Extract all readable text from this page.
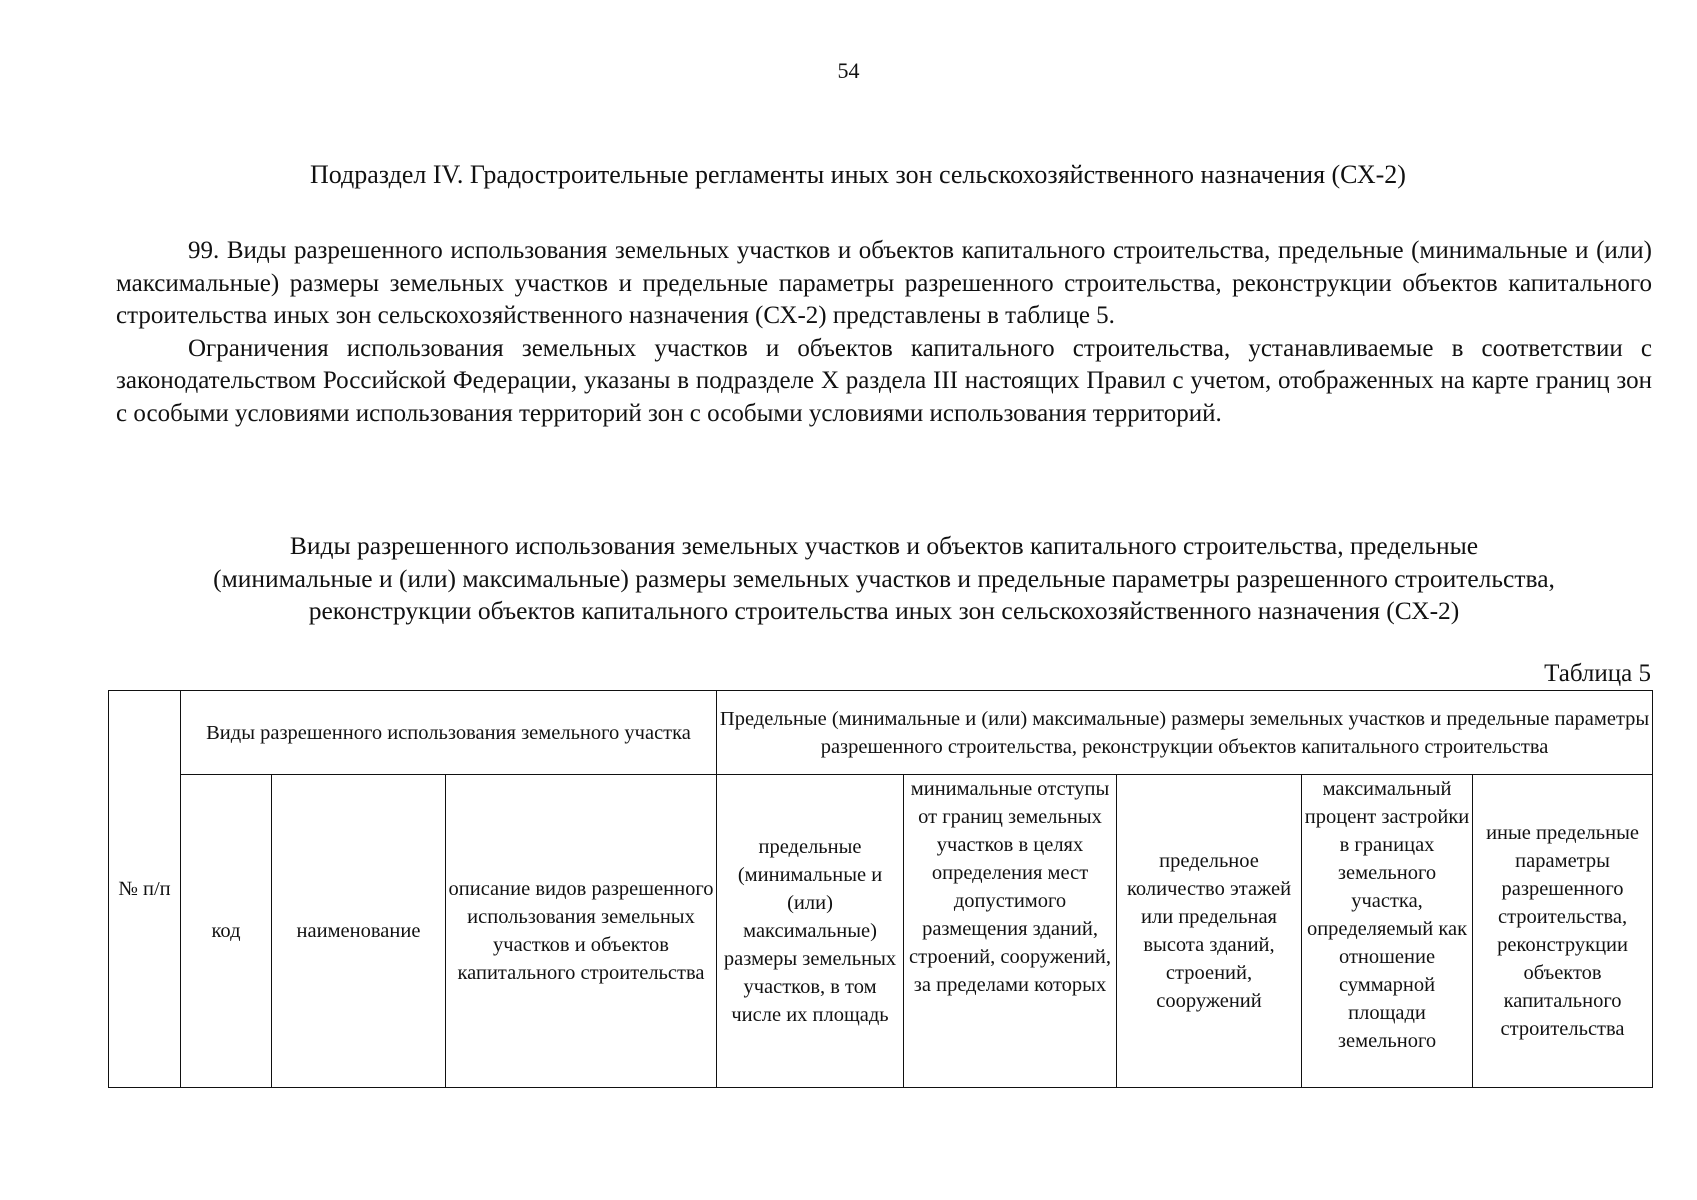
54
Подраздел IV. Градостроительные регламенты иных зон сельскохозяйственного назначения (СХ-2)

99. Виды разрешенного использования земельных участков и объектов капитального строительства, предельные (минимальные и (или) максимальные) размеры земельных участков и предельные параметры разрешенного строительства, реконструкции объектов капитального строительства иных зон сельскохозяйственного назначения (СХ-2) представлены в таблице 5.

Ограничения использования земельных участков и объектов капитального строительства, устанавливаемые в соответствии с законодательством Российской Федерации, указаны в подразделе X раздела III настоящих Правил с учетом, отображенных на карте границ зон с особыми условиями использования территорий зон с особыми условиями использования территорий.

Виды разрешенного использования земельных участков и объектов капитального строительства, предельные
(минимальные и (или) максимальные) размеры земельных участков и предельные параметры разрешенного строительства,
реконструкции объектов капитального строительства иных зон сельскохозяйственного назначения (СХ-2)
Таблица 5
№ п/п	Виды разрешенного использования земельного участка			Предельные (минимальные и (или) максимальные) размеры земельных участков и предельные параметры разрешенного строительства, реконструкции объектов капитального строительства				
	код	наименование	описание видов разрешенного использования земельных участков и объектов капитального строительства	предельные (минимальные и (или) максимальные) размеры земельных участков, в том числе их площадь	минимальные отступы от границ земельных участков в целях определения мест допустимого размещения зданий, строений, сооружений, за пределами которых	предельное количество этажей или предельная высота зданий, строений, сооружений	максимальный процент застройки в границах земельного участка, определяемый как отношение суммарной площади земельного	иные предельные параметры разрешенного строительства, реконструкции объектов капитального строительства
